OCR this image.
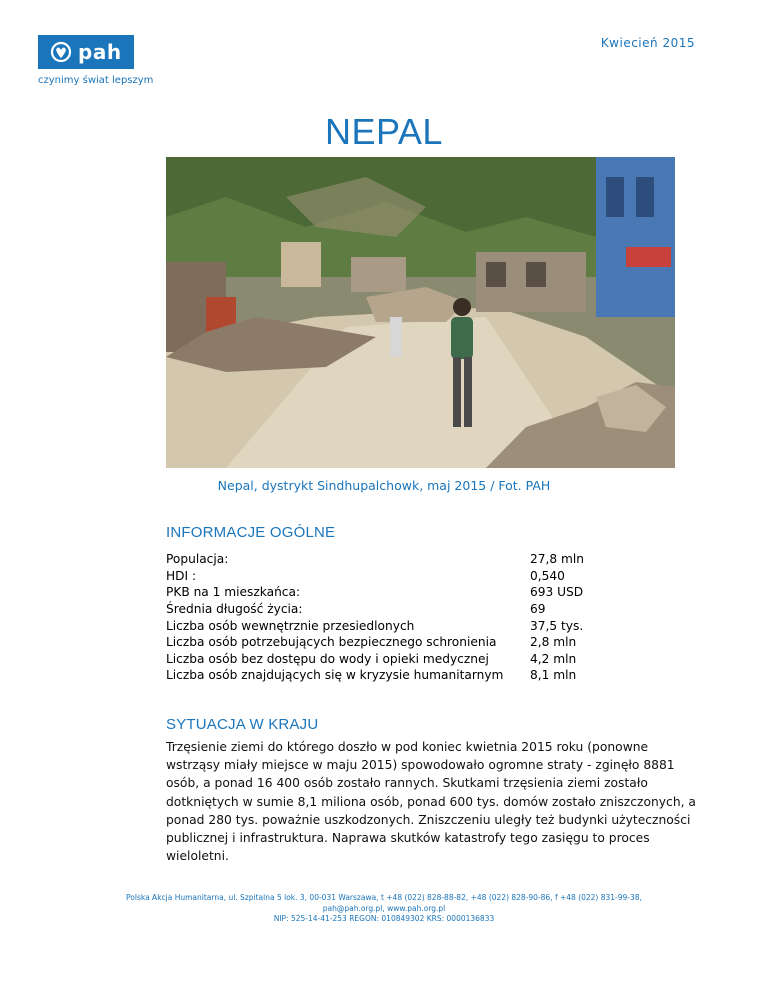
pah
czynimy świat lepszym
Kwiecień 2015
NEPAL
Nepal, dystrykt Sindhupalchowk, maj 2015 / Fot. PAH
INFORMACJE OGÓLNE
Populacja:	27,8 mln
HDI :	0,540
PKB na 1 mieszkańca:	693 USD
Średnia długość życia:	69
Liczba osób wewnętrznie przesiedlonych	37,5 tys.
Liczba osób potrzebujących bezpiecznego schronienia	2,8 mln
Liczba osób bez dostępu do wody i opieki medycznej	4,2 mln
Liczba osób znajdujących się w kryzysie humanitarnym	8,1 mln
SYTUACJA W KRAJU
Trzęsienie ziemi do którego doszło w pod koniec kwietnia 2015 roku (ponowne wstrząsy miały miejsce w maju 2015) spowodowało ogromne straty - zginęło 8881 osób, a ponad 16 400 osób zostało rannych. Skutkami trzęsienia ziemi zostało dotkniętych w sumie 8,1 miliona osób, ponad 600 tys. domów zostało zniszczonych, a ponad 280 tys. poważnie uszkodzonych. Zniszczeniu uległy też budynki użyteczności publicznej i infrastruktura. Naprawa skutków katastrofy tego zasięgu to proces wieloletni.
Polska Akcja Humanitarna, ul. Szpitalna 5 lok. 3, 00-031 Warszawa, t +48 (022) 828-88-82, +48 (022) 828-90-86, f +48 (022) 831-99-38,
pah@pah.org.pl, www.pah.org.pl
NIP: 525-14-41-253 REGON: 010849302 KRS: 0000136833
